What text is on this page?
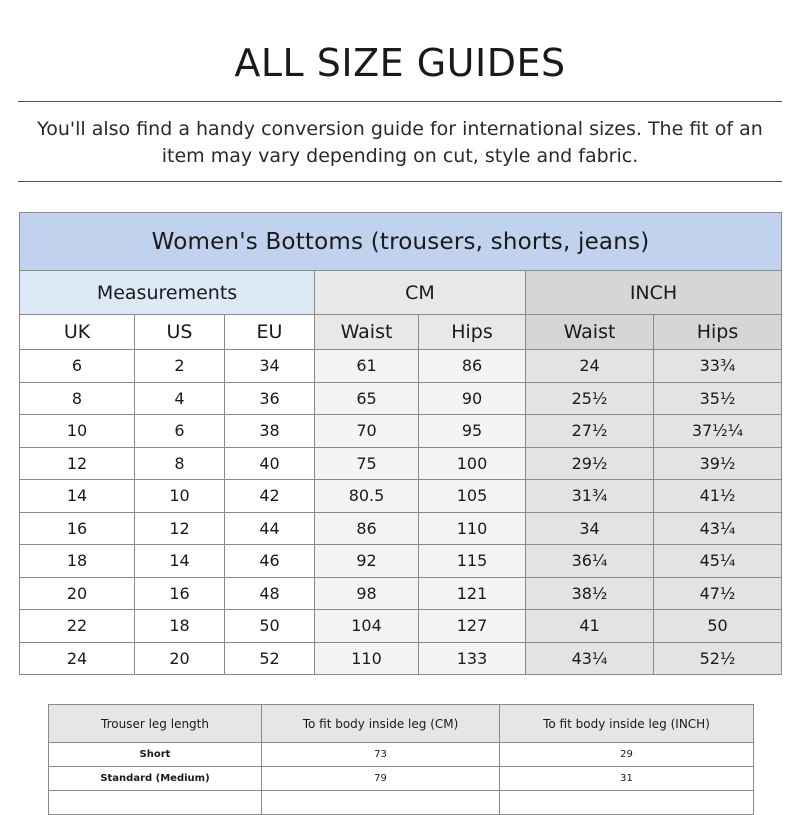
ALL SIZE GUIDES
You'll also find a handy conversion guide for international sizes. The fit of an
item may vary depending on cut, style and fabric.
Women's Bottoms (trousers, shorts, jeans)						
Measurements			CM		INCH	
UK	US	EU	Waist	Hips	Waist	Hips
6	2	34	61	86	24	33¾
8	4	36	65	90	25½	35½
10	6	38	70	95	27½	37½¼
12	8	40	75	100	29½	39½
14	10	42	80.5	105	31¾	41½
16	12	44	86	110	34	43¼
18	14	46	92	115	36¼	45¼
20	16	48	98	121	38½	47½
22	18	50	104	127	41	50
24	20	52	110	133	43¼	52½
Trouser leg length	To fit body inside leg (CM)	To fit body inside leg (INCH)
Short	73	29
Standard (Medium)	79	31
